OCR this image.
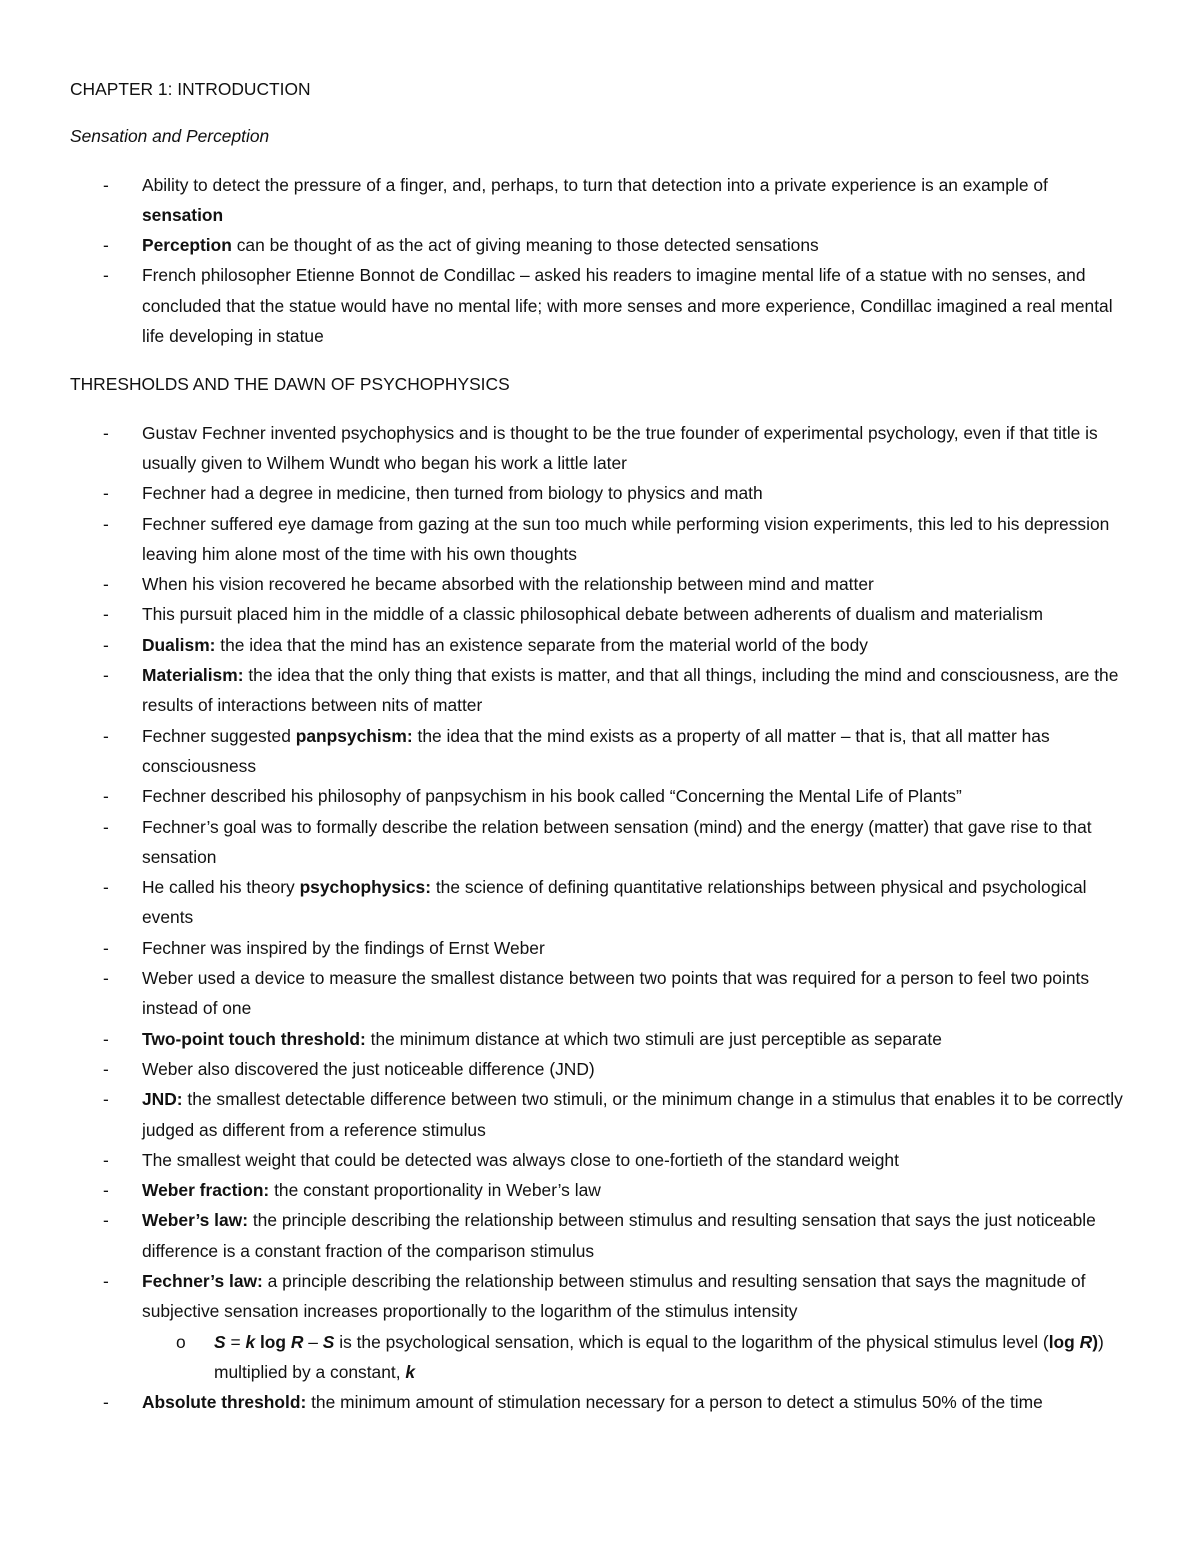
CHAPTER 1: INTRODUCTION
Sensation and Perception
- Ability to detect the pressure of a finger, and, perhaps, to turn that detection into a private experience is an example of sensation
- Perception can be thought of as the act of giving meaning to those detected sensations
- French philosopher Etienne Bonnot de Condillac – asked his readers to imagine mental life of a statue with no senses, and concluded that the statue would have no mental life; with more senses and more experience, Condillac imagined a real mental life developing in statue
THRESHOLDS AND THE DAWN OF PSYCHOPHYSICS
- Gustav Fechner invented psychophysics and is thought to be the true founder of experimental psychology, even if that title is usually given to Wilhem Wundt who began his work a little later
- Fechner had a degree in medicine, then turned from biology to physics and math
- Fechner suffered eye damage from gazing at the sun too much while performing vision experiments, this led to his depression leaving him alone most of the time with his own thoughts
- When his vision recovered he became absorbed with the relationship between mind and matter
- This pursuit placed him in the middle of a classic philosophical debate between adherents of dualism and materialism
- Dualism: the idea that the mind has an existence separate from the material world of the body
- Materialism: the idea that the only thing that exists is matter, and that all things, including the mind and consciousness, are the results of interactions between nits of matter
- Fechner suggested panpsychism: the idea that the mind exists as a property of all matter – that is, that all matter has consciousness
- Fechner described his philosophy of panpsychism in his book called “Concerning the Mental Life of Plants”
- Fechner’s goal was to formally describe the relation between sensation (mind) and the energy (matter) that gave rise to that sensation
- He called his theory psychophysics: the science of defining quantitative relationships between physical and psychological events
- Fechner was inspired by the findings of Ernst Weber
- Weber used a device to measure the smallest distance between two points that was required for a person to feel two points instead of one
- Two-point touch threshold: the minimum distance at which two stimuli are just perceptible as separate
- Weber also discovered the just noticeable difference (JND)
- JND: the smallest detectable difference between two stimuli, or the minimum change in a stimulus that enables it to be correctly judged as different from a reference stimulus
- The smallest weight that could be detected was always close to one-fortieth of the standard weight
- Weber fraction: the constant proportionality in Weber’s law
- Weber’s law: the principle describing the relationship between stimulus and resulting sensation that says the just noticeable difference is a constant fraction of the comparison stimulus
- Fechner’s law: a principle describing the relationship between stimulus and resulting sensation that says the magnitude of subjective sensation increases proportionally to the logarithm of the stimulus intensity
o S = k log R – S is the psychological sensation, which is equal to the logarithm of the physical stimulus level (log R)) multiplied by a constant, k
- Absolute threshold: the minimum amount of stimulation necessary for a person to detect a stimulus 50% of the time
